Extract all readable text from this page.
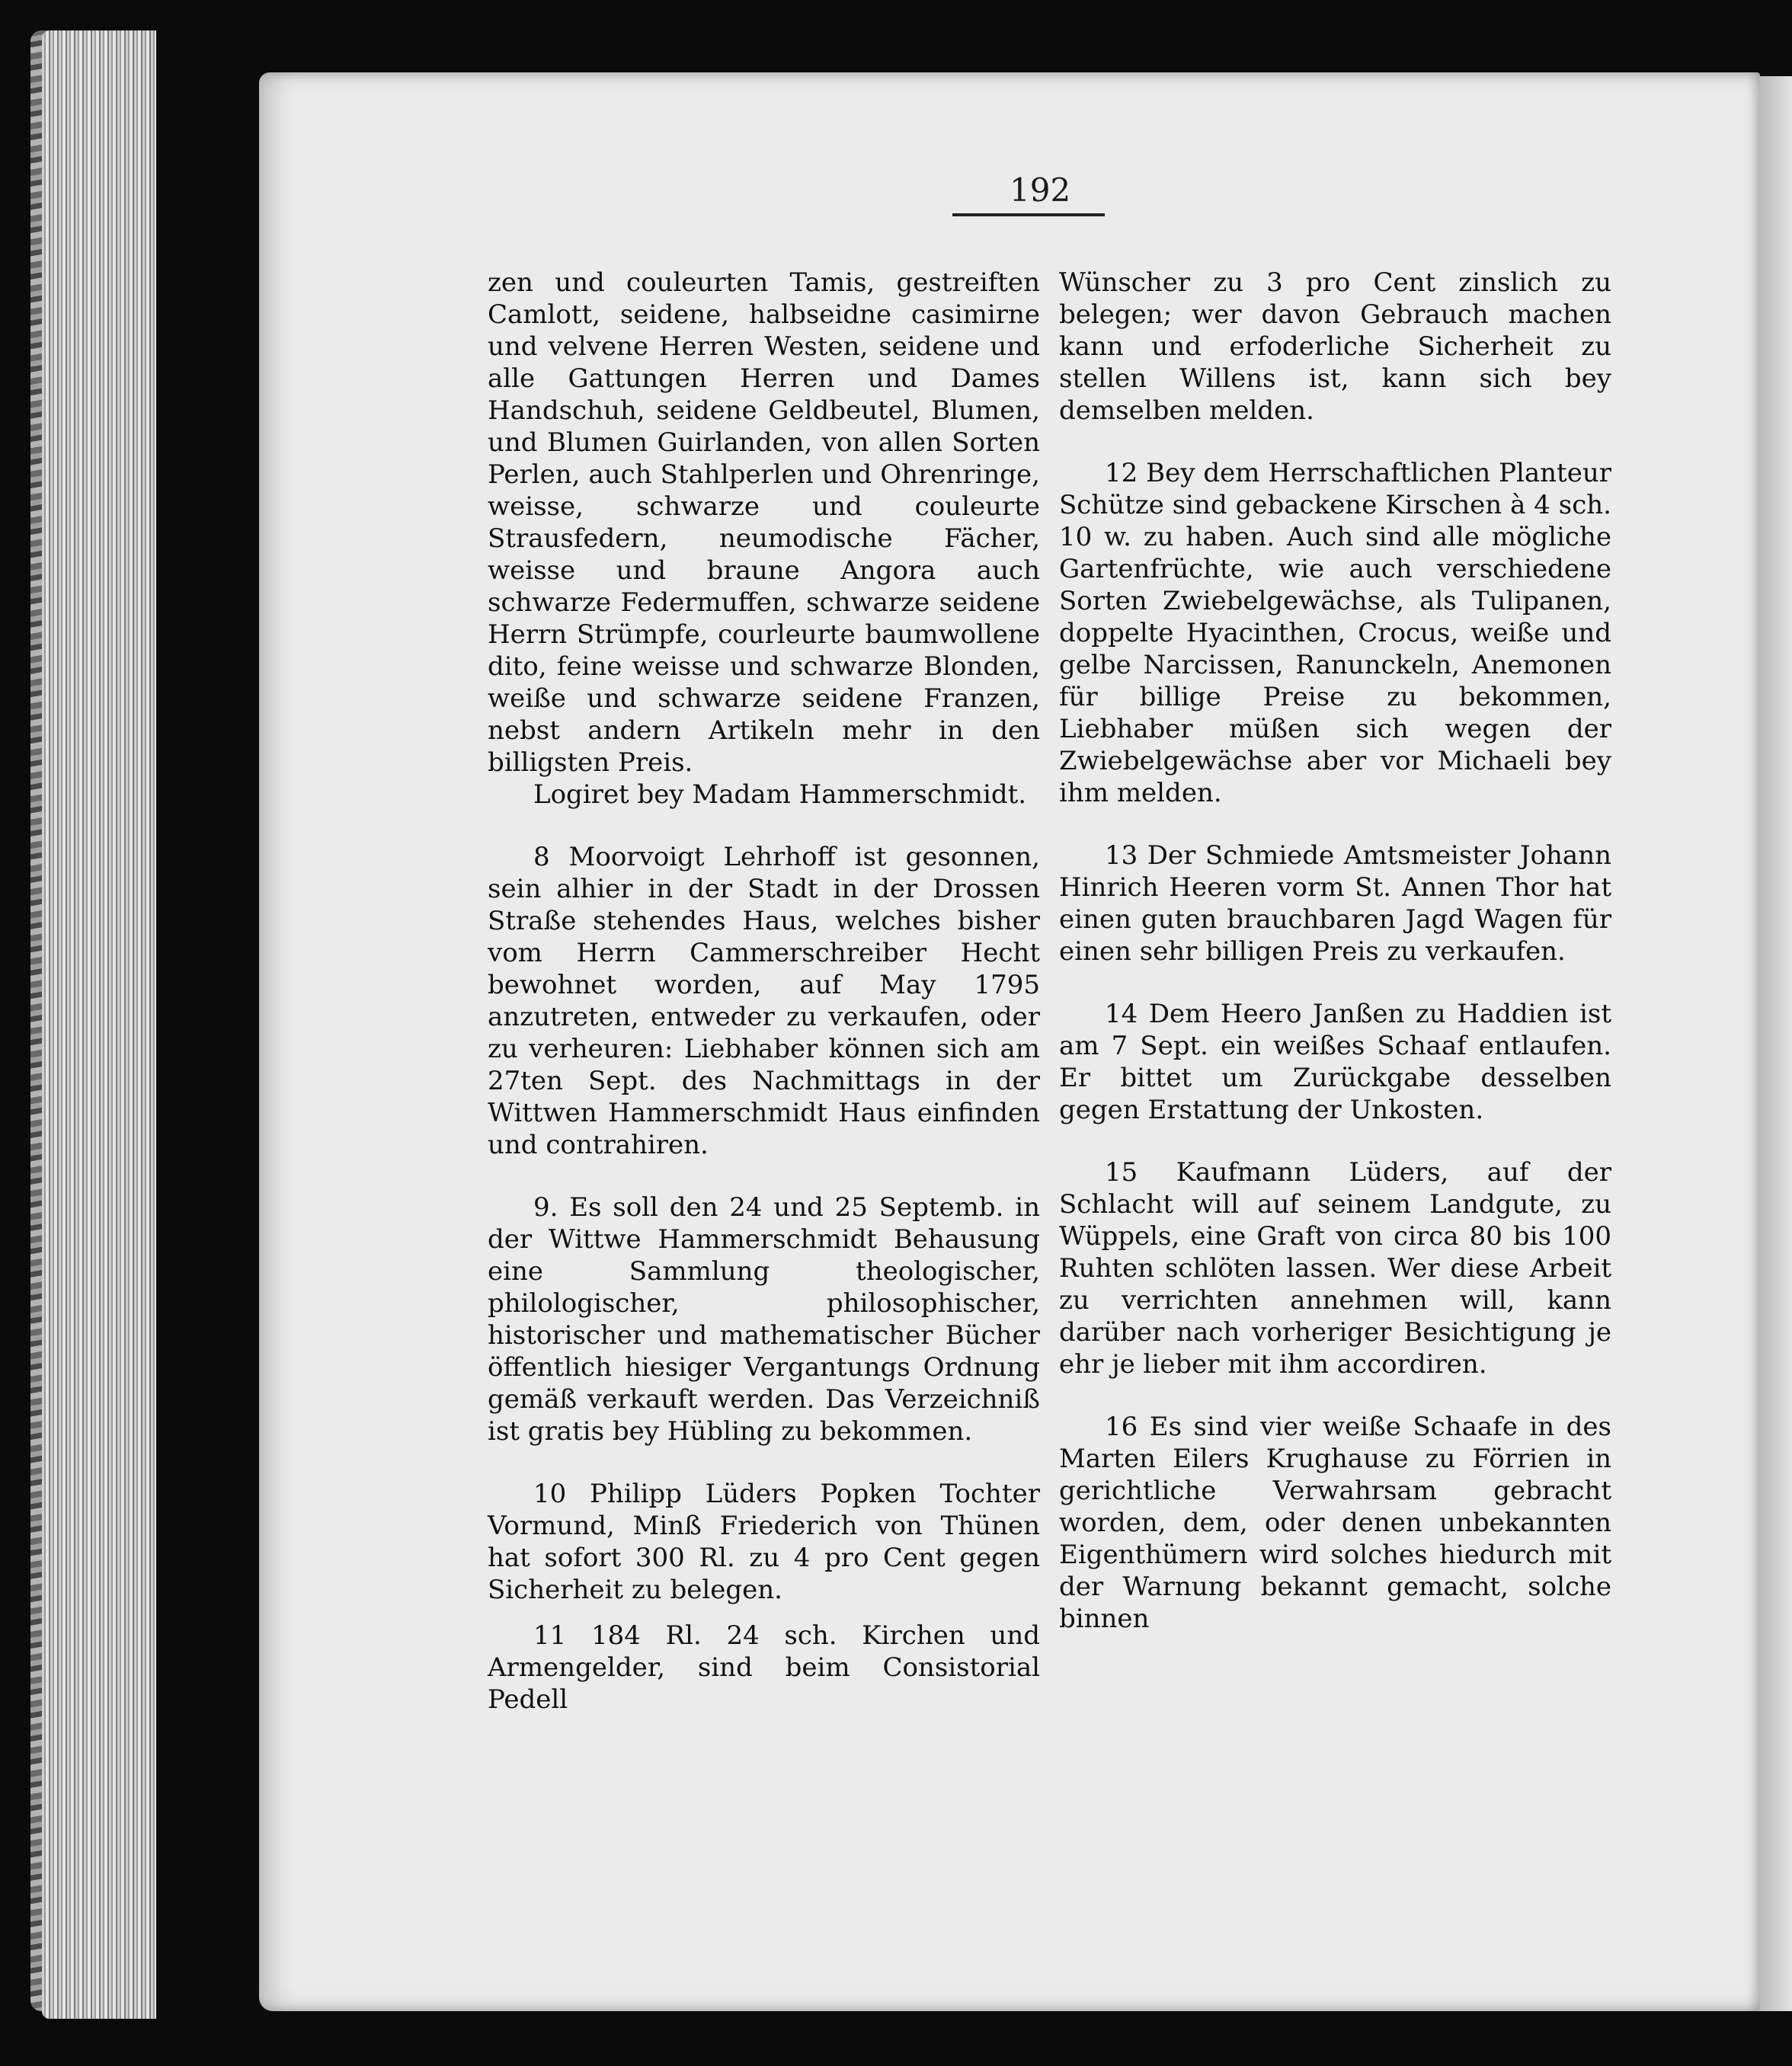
192

zen und couleurten Tamis, gestreiften Camlott, seidene, halbseidne casimirne und velvene Herren Westen, seidene und alle Gattungen Herren und Dames Handschuh, seidene Geldbeutel, Blumen, und Blumen Guirlanden, von allen Sorten Perlen, auch Stahlperlen und Ohrenringe, weisse, schwarze und couleurte Strausfedern, neumodische Fächer, weisse und braune Angora auch schwarze Federmuffen, schwarze seidene Herrn Strümpfe, courleurte baumwollene dito, feine weisse und schwarze Blonden, weiße und schwarze seidene Franzen, nebst andern Artikeln mehr in den billigsten Preis.

Logiret bey Madam Hammerschmidt.

8 Moorvoigt Lehrhoff ist gesonnen, sein alhier in der Stadt in der Drossen Straße stehendes Haus, welches bisher vom Herrn Cammerschreiber Hecht bewohnet worden, auf May 1795 anzutreten, entweder zu verkaufen, oder zu verheuren: Liebhaber können sich am 27ten Sept. des Nachmittags in der Wittwen Hammerschmidt Haus einfinden und contrahiren.

9. Es soll den 24 und 25 Septemb. in der Wittwe Hammerschmidt Behausung eine Sammlung theologischer, philologischer, philosophischer, historischer und mathematischer Bücher öffentlich hiesiger Vergantungs Ordnung gemäß verkauft werden. Das Verzeichniß ist gratis bey Hübling zu bekommen.

10 Philipp Lüders Popken Tochter Vormund, Minß Friederich von Thünen hat sofort 300 Rl. zu 4 pro Cent gegen Sicherheit zu belegen.

11 184 Rl. 24 sch. Kirchen und Armengelder, sind beim Consistorial Pedell

Wünscher zu 3 pro Cent zinslich zu belegen; wer davon Gebrauch machen kann und erfoderliche Sicherheit zu stellen Willens ist, kann sich bey demselben melden.

12 Bey dem Herrschaftlichen Planteur Schütze sind gebackene Kirschen à 4 sch. 10 w. zu haben. Auch sind alle mögliche Gartenfrüchte, wie auch verschiedene Sorten Zwiebelgewächse, als Tulipanen, doppelte Hyacinthen, Crocus, weiße und gelbe Narcissen, Ranunckeln, Anemonen für billige Preise zu bekommen, Liebhaber müßen sich wegen der Zwiebelgewächse aber vor Michaeli bey ihm melden.

13 Der Schmiede Amtsmeister Johann Hinrich Heeren vorm St. Annen Thor hat einen guten brauchbaren Jagd Wagen für einen sehr billigen Preis zu verkaufen.

14 Dem Heero Janßen zu Haddien ist am 7 Sept. ein weißes Schaaf entlaufen. Er bittet um Zurückgabe desselben gegen Erstattung der Unkosten.

15 Kaufmann Lüders, auf der Schlacht will auf seinem Landgute, zu Wüppels, eine Graft von circa 80 bis 100 Ruhten schlöten lassen. Wer diese Arbeit zu verrichten annehmen will, kann darüber nach vorheriger Besichtigung je ehr je lieber mit ihm accordiren.

16 Es sind vier weiße Schaafe in des Marten Eilers Krughause zu Förrien in gerichtliche Verwahrsam gebracht worden, dem, oder denen unbekannten Eigenthümern wird solches hiedurch mit der Warnung bekannt gemacht, solche binnen
